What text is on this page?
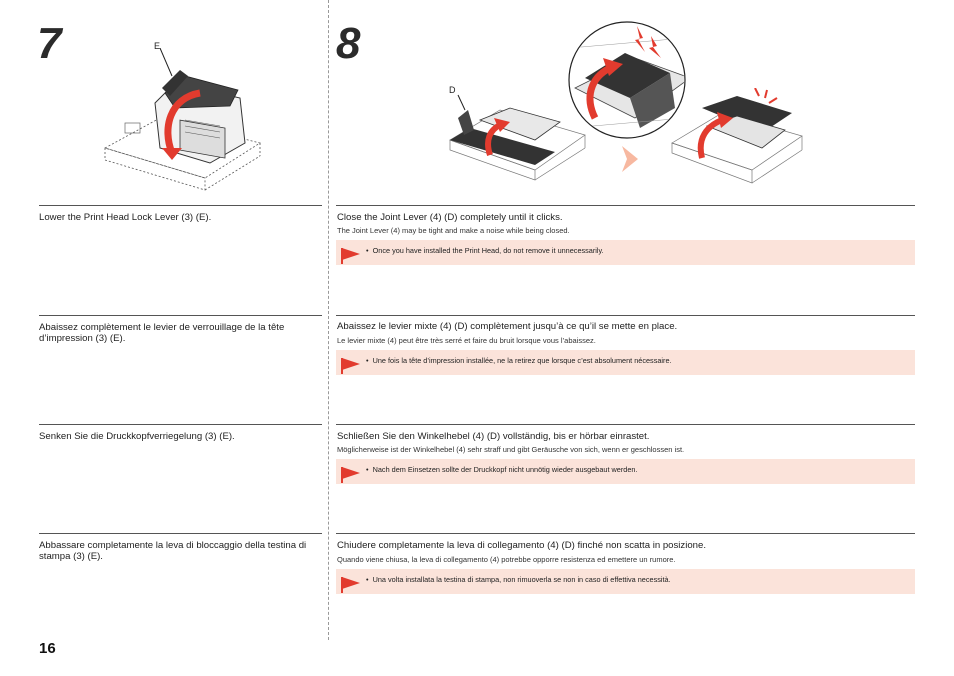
7	8
E
D
Lower the Print Head Lock Lever (3) (E).
Abaissez complètement le levier de verrouillage de la tête d’impression (3) (E).
Senken Sie die Druckkopfverriegelung (3) (E).
Abbassare completamente la leva di bloccaggio della testina di stampa (3) (E).
Close the Joint Lever (4) (D) completely until it clicks.
The Joint Lever (4) may be tight and make a noise while being closed.
•  Once you have installed the Print Head, do not remove it unnecessarily.
Abaissez le levier mixte (4) (D) complètement jusqu’à ce qu’il se mette en place.
Le levier mixte (4) peut être très serré et faire du bruit lorsque vous l’abaissez.
•  Une fois la tête d’impression installée, ne la retirez que lorsque c’est absolument nécessaire.
Schließen Sie den Winkelhebel (4) (D) vollständig, bis er hörbar einrastet.
Möglicherweise ist der Winkelhebel (4) sehr straff und gibt Geräusche von sich, wenn er geschlossen ist.
•  Nach dem Einsetzen sollte der Druckkopf nicht unnötig wieder ausgebaut werden.
Chiudere completamente la leva di collegamento (4) (D) finché non scatta in posizione.
Quando viene chiusa, la leva di collegamento (4) potrebbe opporre resistenza ed emettere un rumore.
•  Una volta installata la testina di stampa, non rimuoverla se non in caso di effettiva necessità.
16
